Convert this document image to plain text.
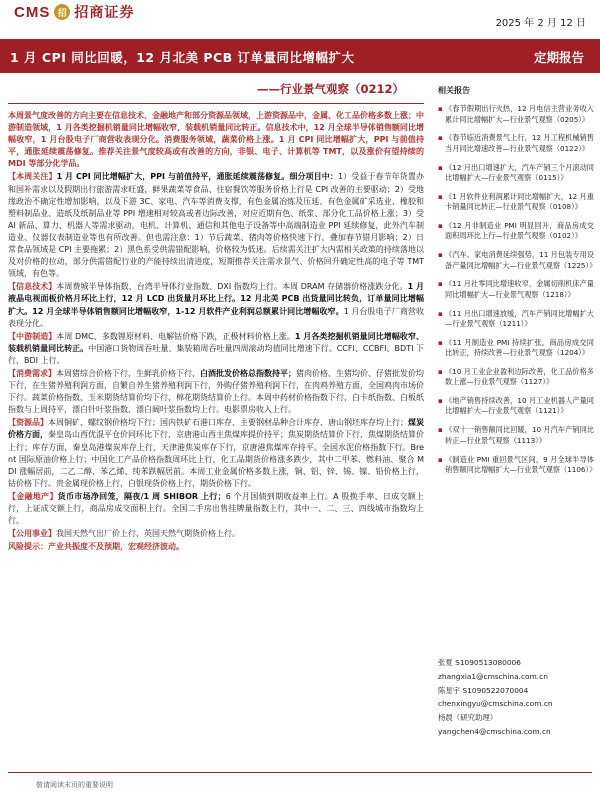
CMS 招 招商证券
2025 年 2 月 12 日
1 月 CPI 同比回暖，12 月北美 PCB 订单量同比增幅扩大	定期报告
——行业景气观察（0212）

本周景气度改善的方向主要在信息技术、金融地产和部分资源品领域，上游资源品中，金属、化工品价格多数上涨；中游制造领域，1 月各类挖掘机销量同比增幅收窄，装载机销量同比转正。信息技术中，12 月全球半导体销售额同比增幅收窄，1 月台股电子厂商营收表现分化。消费服务领域，蔬菜价格上涨。1 月 CPI 同比增幅扩大，PPI 与前值持平，通胀延续震荡修复。推荐关注景气度较高或有改善的方向，非银、电子、计算机等 TMT，以及涨价有望持续的 MDI 等部分化学品。

【本周关注】1 月 CPI 同比增幅扩大，PPI 与前值持平，通胀延续震荡修复。细分项目中：1）受益于春节年货置办和国补需求以及假期出行旅游需求旺盛，鲜果蔬菜等食品、住宿餐饮等服务价格上行是 CPI 改善的主要驱动；2）受地缘政治不确定性增加影响，以及下游 3C、家电、汽车等消费支撑，有色金属冶炼及压延、有色金属矿采选业、橡胶和塑料制品业、造纸及纸制品业等 PPI 增速相对较高或者边际改善，对应近期有色、纸浆、部分化工品价格上涨；3）受 AI 新品、算力、机器人等需求驱动，电机、计算机、通信和其他电子设备等中高端制造业 PPI 延续修复，此外汽车制造业、仪器仪表制造业等也有所改善。但也需注意：1）节后蔬菜、猪肉等价格快速下行，叠加春节错月影响；2）日常食品领域是 CPI 主要拖累；2）黑色系受供需错配影响，价格较为低迷。后续需关注扩大内需相关政策的持续落地以及对价格的拉动，部分供需错配行业的产能持续出清进度，短期推荐关注需求景气、价格回升确定性高的电子等 TMT 领域，有色等。

【信息技术】本周费城半导体指数、台湾半导体行业指数、DXI 指数均上行。本周 DRAM 存储器价格涨跌分化。1 月液晶电视面板价格月环比上行，12 月 LCD 出货量月环比上行。12 月北美 PCB 出货量同比转负，订单量同比增幅扩大。12 月全球半导体销售额同比增幅收窄，1-12 月软件产业利润总额累计同比增幅收窄。1 月台股电子厂商营收表现分化。

【中游制造】本周 DMC、多数锂原材料、电解钴价格下跌，正极材料价格上涨。1 月各类挖掘机销量同比增幅收窄、装载机销量同比转正。中国港口货物周吞吐量、集装箱周吞吐量四周滚动均值同比增速下行。CCFI、CCBFI、BDTI 下行，BDI 上行。

【消费需求】本周猪综合价格下行，生鲜乳价格下行，白酒批发价格总指数持平；猪肉价格、生猪均价、仔猪批发价均下行，在生猪养殖利润方面，自繁自养生猪养殖利润下行，外购仔猪养殖利润下行，在肉鸡养殖方面，全国鸡肉市场价下行。蔬菜价格指数、玉米期货结算价均下行，棉花期货结算价上行。本周中药材价格指数下行，白卡纸指数、白板纸指数与上周持平，漂白针叶浆指数、漂白阔叶浆指数均上行。电影票房收入上行。

【资源品】本周铜矿、螺纹钢价格均下行；国内铁矿石港口库存、主要钢材品种合计库存、唐山钢坯库存均上行；煤炭价格方面，秦皇岛山西优混平仓价同环比下行，京唐港山西主焦煤库提价持平；焦炭期货结算价下行，焦煤期货结算价上行；库存方面，秦皇岛港煤炭库存上行，天津港焦炭库存下行，京唐港焦煤库存持平。全国水泥价格指数下行。Brent 国际原油价格上行；中国化工产品价格指数周环比上行，化工品期货价格涨多跌少，其中二甲苯、燃料油、聚合 MDI 涨幅居前，二乙二醇、苯乙烯、纯苯跌幅居前。本周工业金属价格多数上涨，铜、铝、锌、锡、镍、铅价格上行，钴价格下行。贵金属现价格上行，白银现货价格上行，期货价格下行。

【金融地产】货币市场净回笼，隔夜/1 周 SHIBOR 上行；6 个月国债到期收益率上行。A 股换手率、日成交额上行，上证成交额上行，商品房成交面积上行。全国二手房出售挂牌量指数上行，其中一、二、三、四线城市指数均上行。

【公用事业】我国天然气出厂价上行，英国天然气期货价格上行。

风险提示：产业共振度不及预期，宏观经济波动。

相关报告
▪ 《春节假期出行火热，12 月电信主营业务收入累计同比增幅扩大—行业景气观察（0205）》
▪ 《春节临近消费景气上行，12 月工程机械销售当月同比增速改善—行业景气观察（0122）》
▪ 《12 月出口增速扩大，汽车产销三个月滚动同比增幅扩大—行业景气观察（0115）》
▪ 《1 月软件业利润累计同比增幅扩大，12 月重卡销量同比转正—行业景气观察（0108）》
▪ 《12 月非制造业 PMI 明显回升，商品房成交面积周环比上行—行业景气观察（0102）》
▪ 《汽车、家电消费延续强势，11 月包装专用设备产量同比增幅扩大—行业景气观察（1225）》
▪ 《11 月社零同比增速收窄，金属切削机床产量同比增幅扩大—行业景气观察（1218）》
▪ 《11 月出口增速放缓，汽车产销同比增幅扩大—行业景气观察（1211）》
▪ 《11 月制造业 PMI 持续扩张，商品房成交同比转正，持续改善—行业景气观察（1204）》
▪ 《10 月工业企业盈利边际改善，化工品价格多数上涨—行业景气观察（1127）》
▪ 《地产销售持续改善，10 月工业机器人产量同比增幅扩大—行业景气观察（1121）》
▪ 《双十一销售额同比回暖，10 月汽车产销同比转正—行业景气观察（1113）》
▪ 《制造业 PMI 重回景气区间，9 月全球半导体销售额同比增幅扩大—行业景气观察（1106）》
张夏 S1090513080006
zhangxia1@cmschina.com.cn
陈星宇 S1090522070004
chenxingyu@cmschina.com.cn
杨晨（研究助理）
yangchen4@cmschina.com.cn
敬请阅读末页的重要说明
